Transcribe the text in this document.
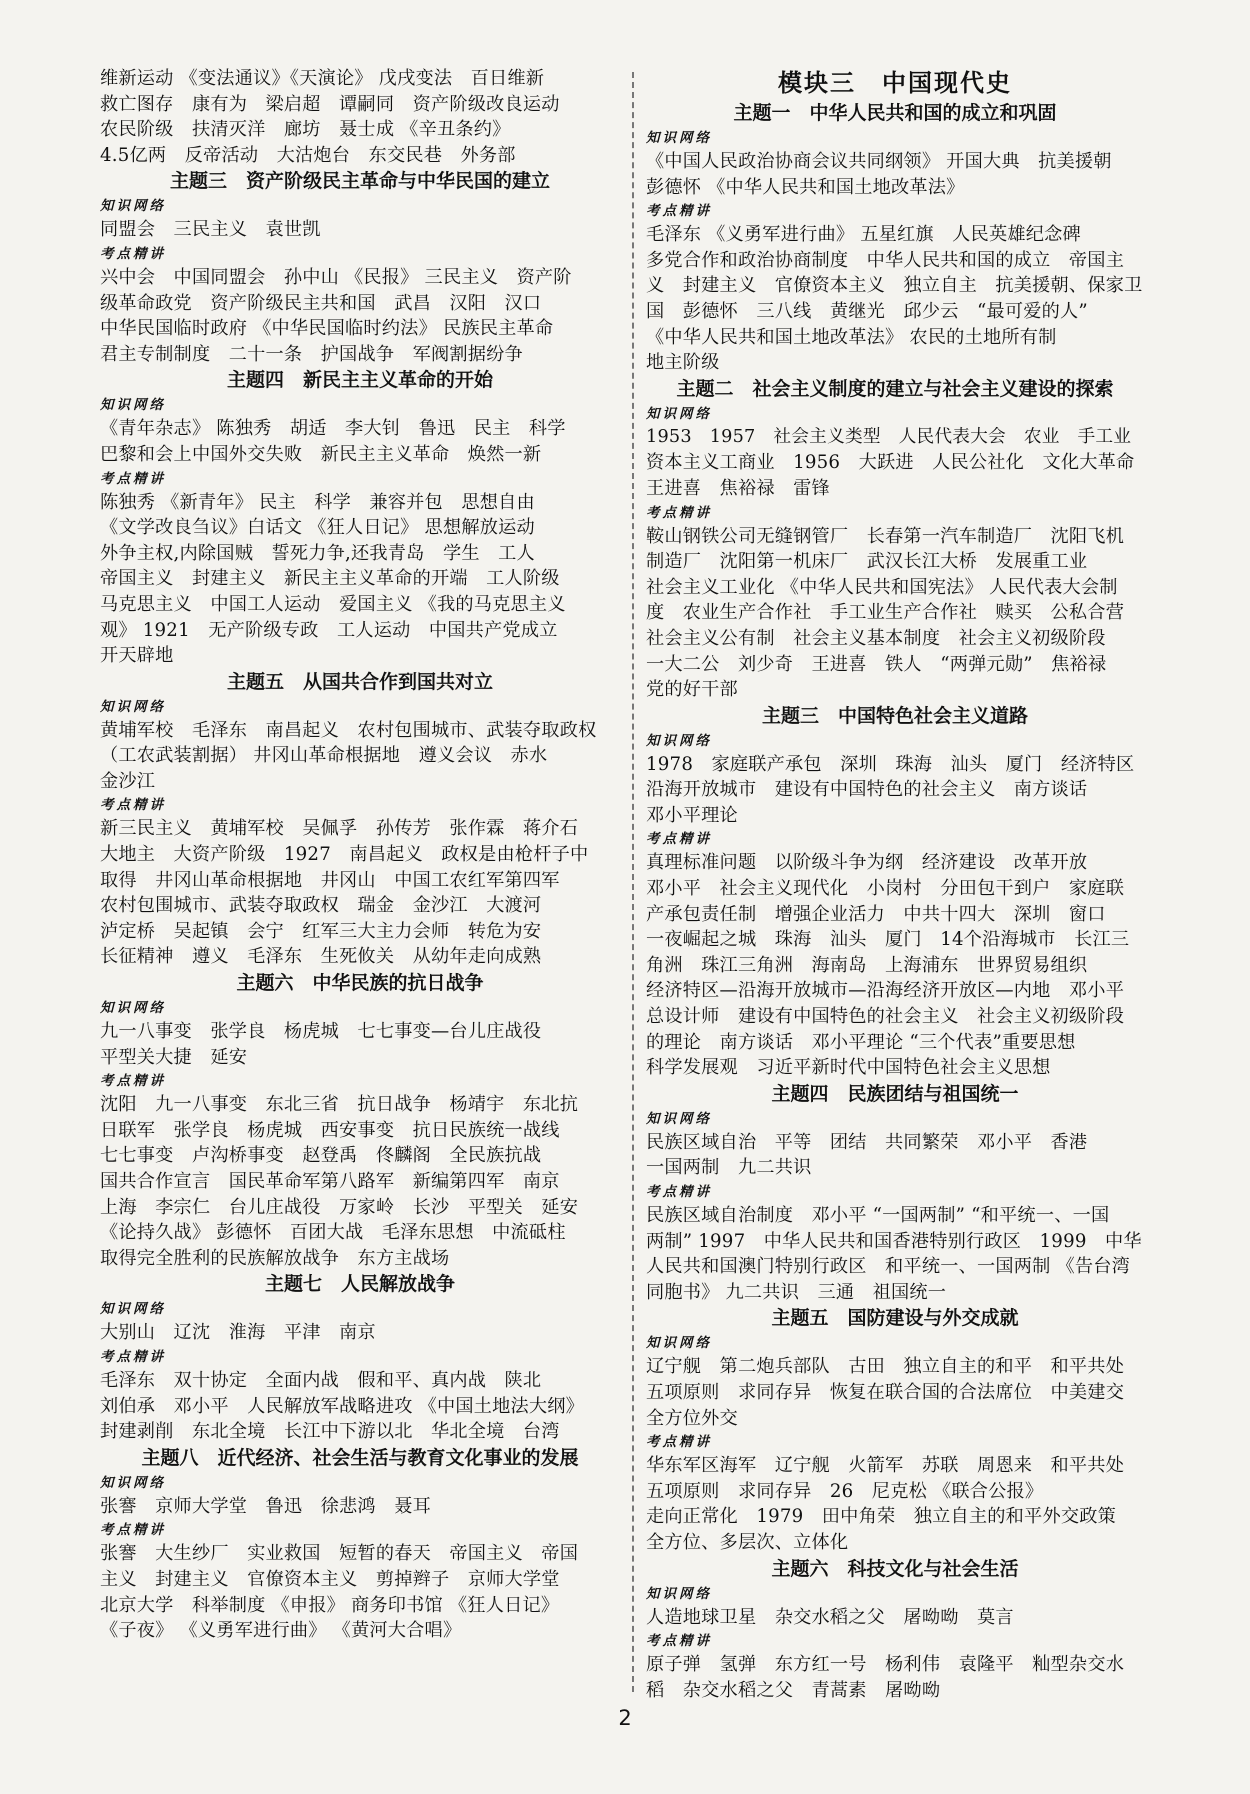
维新运动 《变法通议》《天演论》 戊戌变法　百日维新
救亡图存　康有为　梁启超　谭嗣同　资产阶级改良运动
农民阶级　扶清灭洋　廊坊　聂士成 《辛丑条约》
4.5亿两　反帝活动　大沽炮台　东交民巷　外务部
主题三　资产阶级民主革命与中华民国的建立
知识网络
同盟会　三民主义　袁世凯
考点精讲
兴中会　中国同盟会　孙中山 《民报》 三民主义　资产阶
级革命政党　资产阶级民主共和国　武昌　汉阳　汉口
中华民国临时政府 《中华民国临时约法》 民族民主革命
君主专制制度　二十一条　护国战争　军阀割据纷争
主题四　新民主主义革命的开始
知识网络
《青年杂志》 陈独秀　胡适　李大钊　鲁迅　民主　科学
巴黎和会上中国外交失败　新民主主义革命　焕然一新
考点精讲
陈独秀 《新青年》 民主　科学　兼容并包　思想自由
《文学改良刍议》白话文 《狂人日记》 思想解放运动
外争主权,内除国贼　誓死力争,还我青岛　学生　工人
帝国主义　封建主义　新民主主义革命的开端　工人阶级
马克思主义　中国工人运动　爱国主义 《我的马克思主义
观》 1921　无产阶级专政　工人运动　中国共产党成立
开天辟地
主题五　从国共合作到国共对立
知识网络
黄埔军校　毛泽东　南昌起义　农村包围城市、武装夺取政权
（工农武装割据） 井冈山革命根据地　遵义会议　赤水
金沙江
考点精讲
新三民主义　黄埔军校　吴佩孚　孙传芳　张作霖　蒋介石
大地主　大资产阶级　1927　南昌起义　政权是由枪杆子中
取得　井冈山革命根据地　井冈山　中国工农红军第四军
农村包围城市、武装夺取政权　瑞金　金沙江　大渡河
泸定桥　吴起镇　会宁　红军三大主力会师　转危为安
长征精神　遵义　毛泽东　生死攸关　从幼年走向成熟
主题六　中华民族的抗日战争
知识网络
九一八事变　张学良　杨虎城　七七事变—台儿庄战役
平型关大捷　延安
考点精讲
沈阳　九一八事变　东北三省　抗日战争　杨靖宇　东北抗
日联军　张学良　杨虎城　西安事变　抗日民族统一战线
七七事变　卢沟桥事变　赵登禹　佟麟阁　全民族抗战
国共合作宣言　国民革命军第八路军　新编第四军　南京
上海　李宗仁　台儿庄战役　万家岭　长沙　平型关　延安
《论持久战》 彭德怀　百团大战　毛泽东思想　中流砥柱
取得完全胜利的民族解放战争　东方主战场
主题七　人民解放战争
知识网络
大别山　辽沈　淮海　平津　南京
考点精讲
毛泽东　双十协定　全面内战　假和平、真内战　陕北
刘伯承　邓小平　人民解放军战略进攻 《中国土地法大纲》
封建剥削　东北全境　长江中下游以北　华北全境　台湾
主题八　近代经济、社会生活与教育文化事业的发展
知识网络
张謇　京师大学堂　鲁迅　徐悲鸿　聂耳
考点精讲
张謇　大生纱厂　实业救国　短暂的春天　帝国主义　帝国
主义　封建主义　官僚资本主义　剪掉辫子　京师大学堂
北京大学　科举制度 《申报》 商务印书馆 《狂人日记》
《子夜》 《义勇军进行曲》 《黄河大合唱》
模块三　中国现代史
主题一　中华人民共和国的成立和巩固
知识网络
《中国人民政治协商会议共同纲领》 开国大典　抗美援朝
彭德怀 《中华人民共和国土地改革法》
考点精讲
毛泽东 《义勇军进行曲》 五星红旗　人民英雄纪念碑
多党合作和政治协商制度　中华人民共和国的成立　帝国主
义　封建主义　官僚资本主义　独立自主　抗美援朝、保家卫
国　彭德怀　三八线　黄继光　邱少云　“最可爱的人”
《中华人民共和国土地改革法》 农民的土地所有制
地主阶级
主题二　社会主义制度的建立与社会主义建设的探索
知识网络
1953　1957　社会主义类型　人民代表大会　农业　手工业
资本主义工商业　1956　大跃进　人民公社化　文化大革命
王进喜　焦裕禄　雷锋
考点精讲
鞍山钢铁公司无缝钢管厂　长春第一汽车制造厂　沈阳飞机
制造厂　沈阳第一机床厂　武汉长江大桥　发展重工业
社会主义工业化 《中华人民共和国宪法》 人民代表大会制
度　农业生产合作社　手工业生产合作社　赎买　公私合营
社会主义公有制　社会主义基本制度　社会主义初级阶段
一大二公　刘少奇　王进喜　铁人　“两弹元勋”　焦裕禄
党的好干部
主题三　中国特色社会主义道路
知识网络
1978　家庭联产承包　深圳　珠海　汕头　厦门　经济特区
沿海开放城市　建设有中国特色的社会主义　南方谈话
邓小平理论
考点精讲
真理标准问题　以阶级斗争为纲　经济建设　改革开放
邓小平　社会主义现代化　小岗村　分田包干到户　家庭联
产承包责任制　增强企业活力　中共十四大　深圳　窗口
一夜崛起之城　珠海　汕头　厦门　14个沿海城市　长江三
角洲　珠江三角洲　海南岛　上海浦东　世界贸易组织
经济特区—沿海开放城市—沿海经济开放区—内地　邓小平
总设计师　建设有中国特色的社会主义　社会主义初级阶段
的理论　南方谈话　邓小平理论 “三个代表”重要思想
科学发展观　习近平新时代中国特色社会主义思想
主题四　民族团结与祖国统一
知识网络
民族区域自治　平等　团结　共同繁荣　邓小平　香港
一国两制　九二共识
考点精讲
民族区域自治制度　邓小平 “一国两制” “和平统一、一国
两制” 1997　中华人民共和国香港特别行政区　1999　中华
人民共和国澳门特别行政区　和平统一、一国两制 《告台湾
同胞书》 九二共识　三通　祖国统一
主题五　国防建设与外交成就
知识网络
辽宁舰　第二炮兵部队　古田　独立自主的和平　和平共处
五项原则　求同存异　恢复在联合国的合法席位　中美建交
全方位外交
考点精讲
华东军区海军　辽宁舰　火箭军　苏联　周恩来　和平共处
五项原则　求同存异　26　尼克松 《联合公报》
走向正常化　1979　田中角荣　独立自主的和平外交政策
全方位、多层次、立体化
主题六　科技文化与社会生活
知识网络
人造地球卫星　杂交水稻之父　屠呦呦　莫言
考点精讲
原子弹　氢弹　东方红一号　杨利伟　袁隆平　籼型杂交水
稻　杂交水稻之父　青蒿素　屠呦呦
2
